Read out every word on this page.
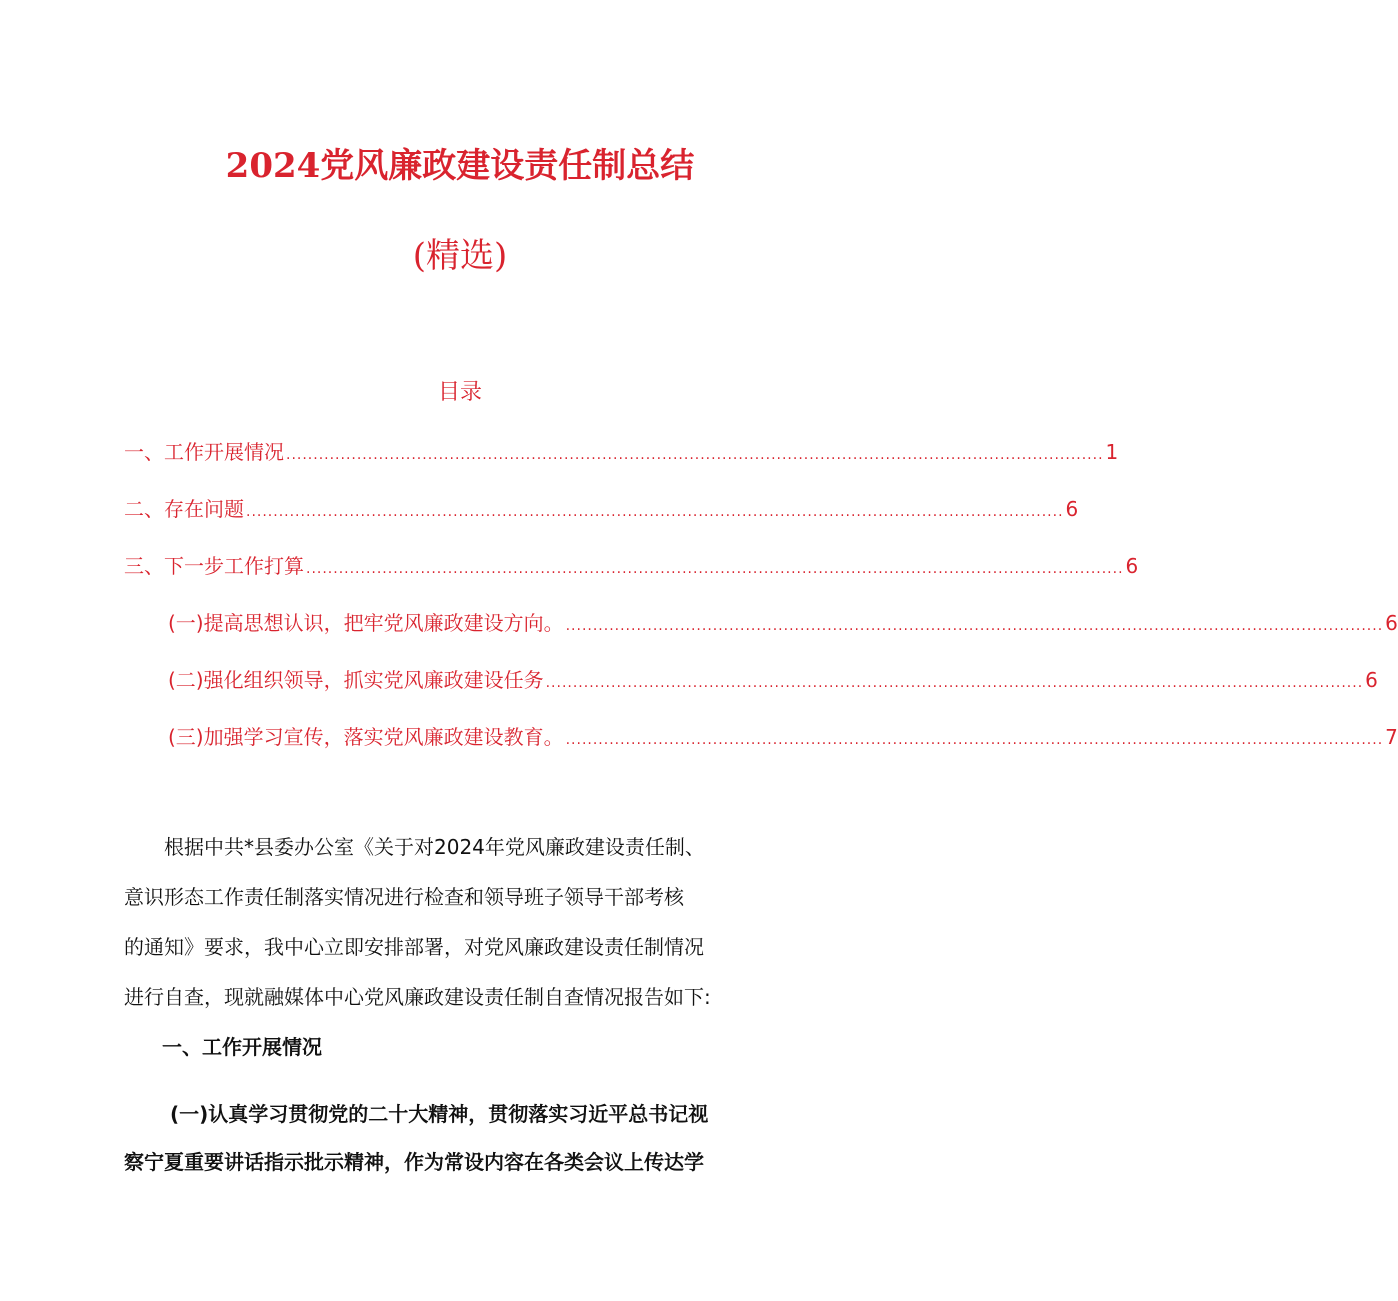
2024党风廉政建设责任制总结
(精选)
目录
一、工作开展情况 ...................................................................................................................................................... 1
二、存在问题 ...................................................................................................................................................... 6
三、下一步工作打算 ...................................................................................................................................................... 6
(一)提高思想认识，把牢党风廉政建设方向。 ...................................................................................................................................................... 6
(二)强化组织领导，抓实党风廉政建设任务 ...................................................................................................................................................... 6
(三)加强学习宣传，落实党风廉政建设教育。 ...................................................................................................................................................... 7
根据中共*县委办公室《关于对2024年党风廉政建设责任制、
意识形态工作责任制落实情况进行检查和领导班子领导干部考核
的通知》要求，我中心立即安排部署，对党风廉政建设责任制情况
进行自查，现就融媒体中心党风廉政建设责任制自查情况报告如下:
一、工作开展情况
(一)认真学习贯彻党的二十大精神，贯彻落实习近平总书记视
察宁夏重要讲话指示批示精神，作为常设内容在各类会议上传达学
